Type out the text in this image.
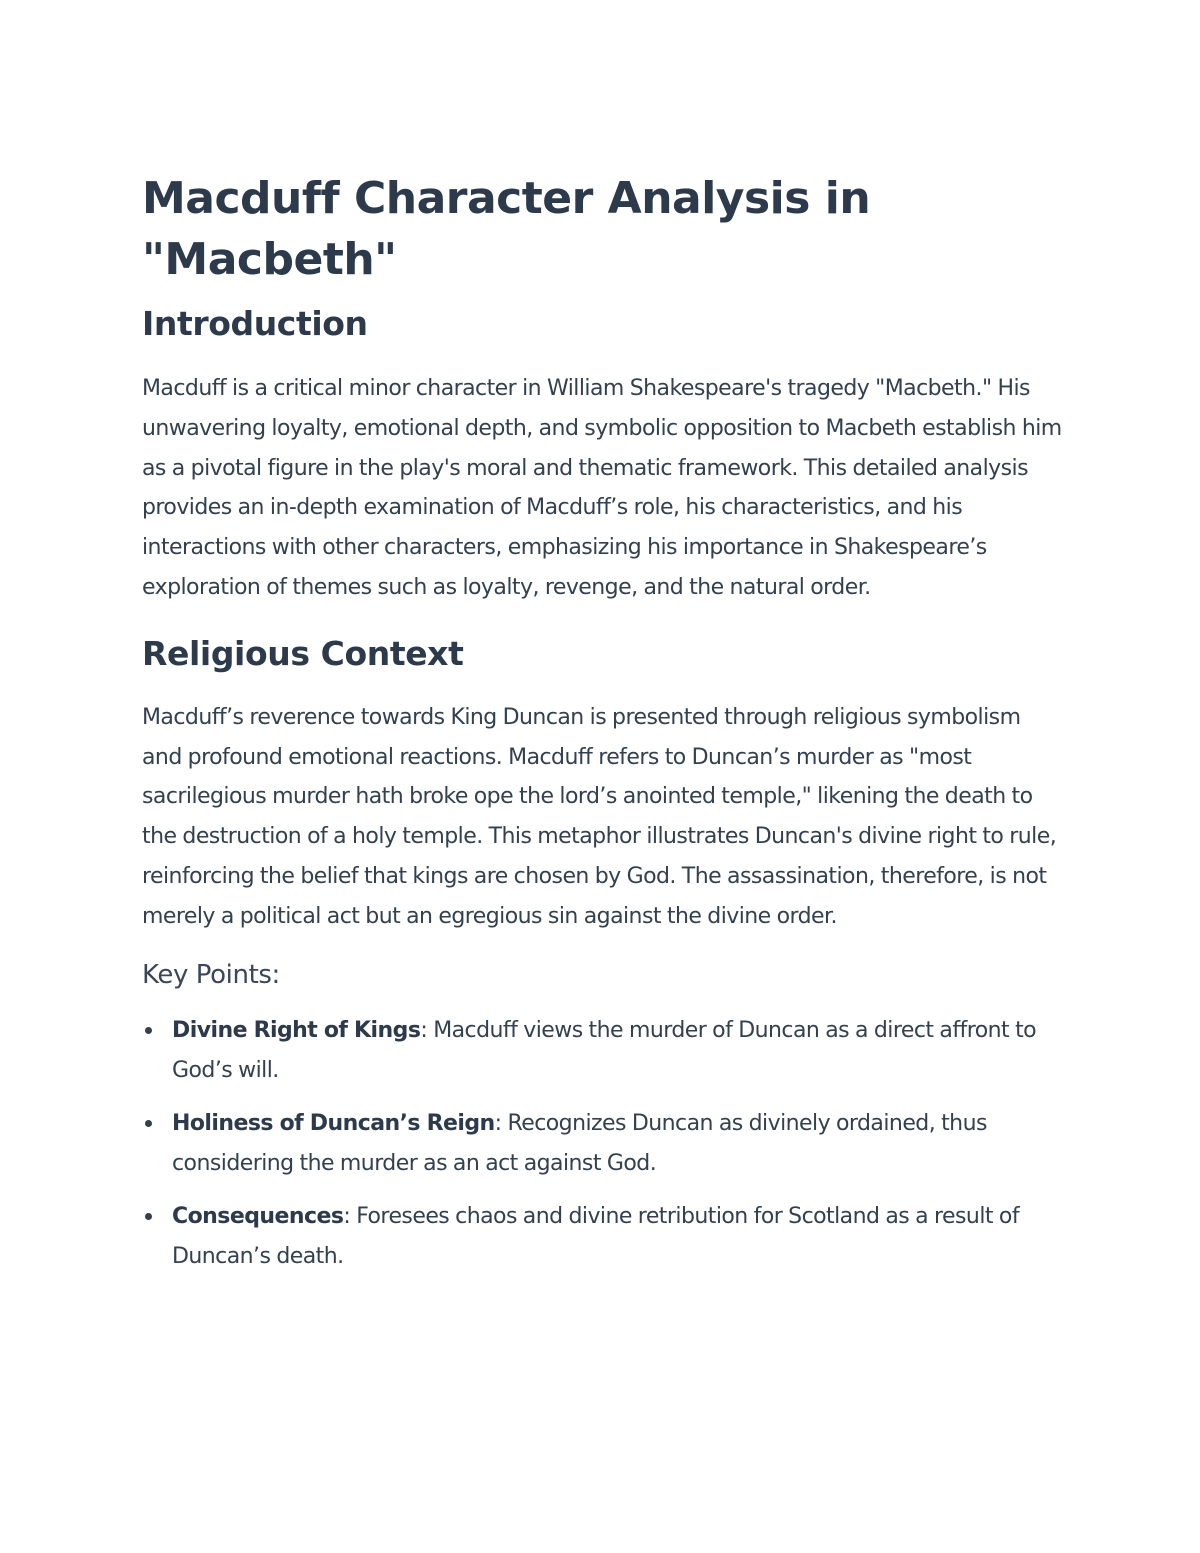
Macduff Character Analysis in "Macbeth"
Introduction

Macduff is a critical minor character in William Shakespeare's tragedy "Macbeth." His unwavering loyalty, emotional depth, and symbolic opposition to Macbeth establish him as a pivotal figure in the play's moral and thematic framework. This detailed analysis provides an in-depth examination of Macduff’s role, his characteristics, and his interactions with other characters, emphasizing his importance in Shakespeare’s exploration of themes such as loyalty, revenge, and the natural order.

Religious Context

Macduff’s reverence towards King Duncan is presented through religious symbolism and profound emotional reactions. Macduff refers to Duncan’s murder as "most sacrilegious murder hath broke ope the lord’s anointed temple," likening the death to the destruction of a holy temple. This metaphor illustrates Duncan's divine right to rule, reinforcing the belief that kings are chosen by God. The assassination, therefore, is not merely a political act but an egregious sin against the divine order.

Key Points:
Divine Right of Kings: Macduff views the murder of Duncan as a direct affront to God’s will.
Holiness of Duncan’s Reign: Recognizes Duncan as divinely ordained, thus considering the murder as an act against God.
Consequences: Foresees chaos and divine retribution for Scotland as a result of Duncan’s death.
